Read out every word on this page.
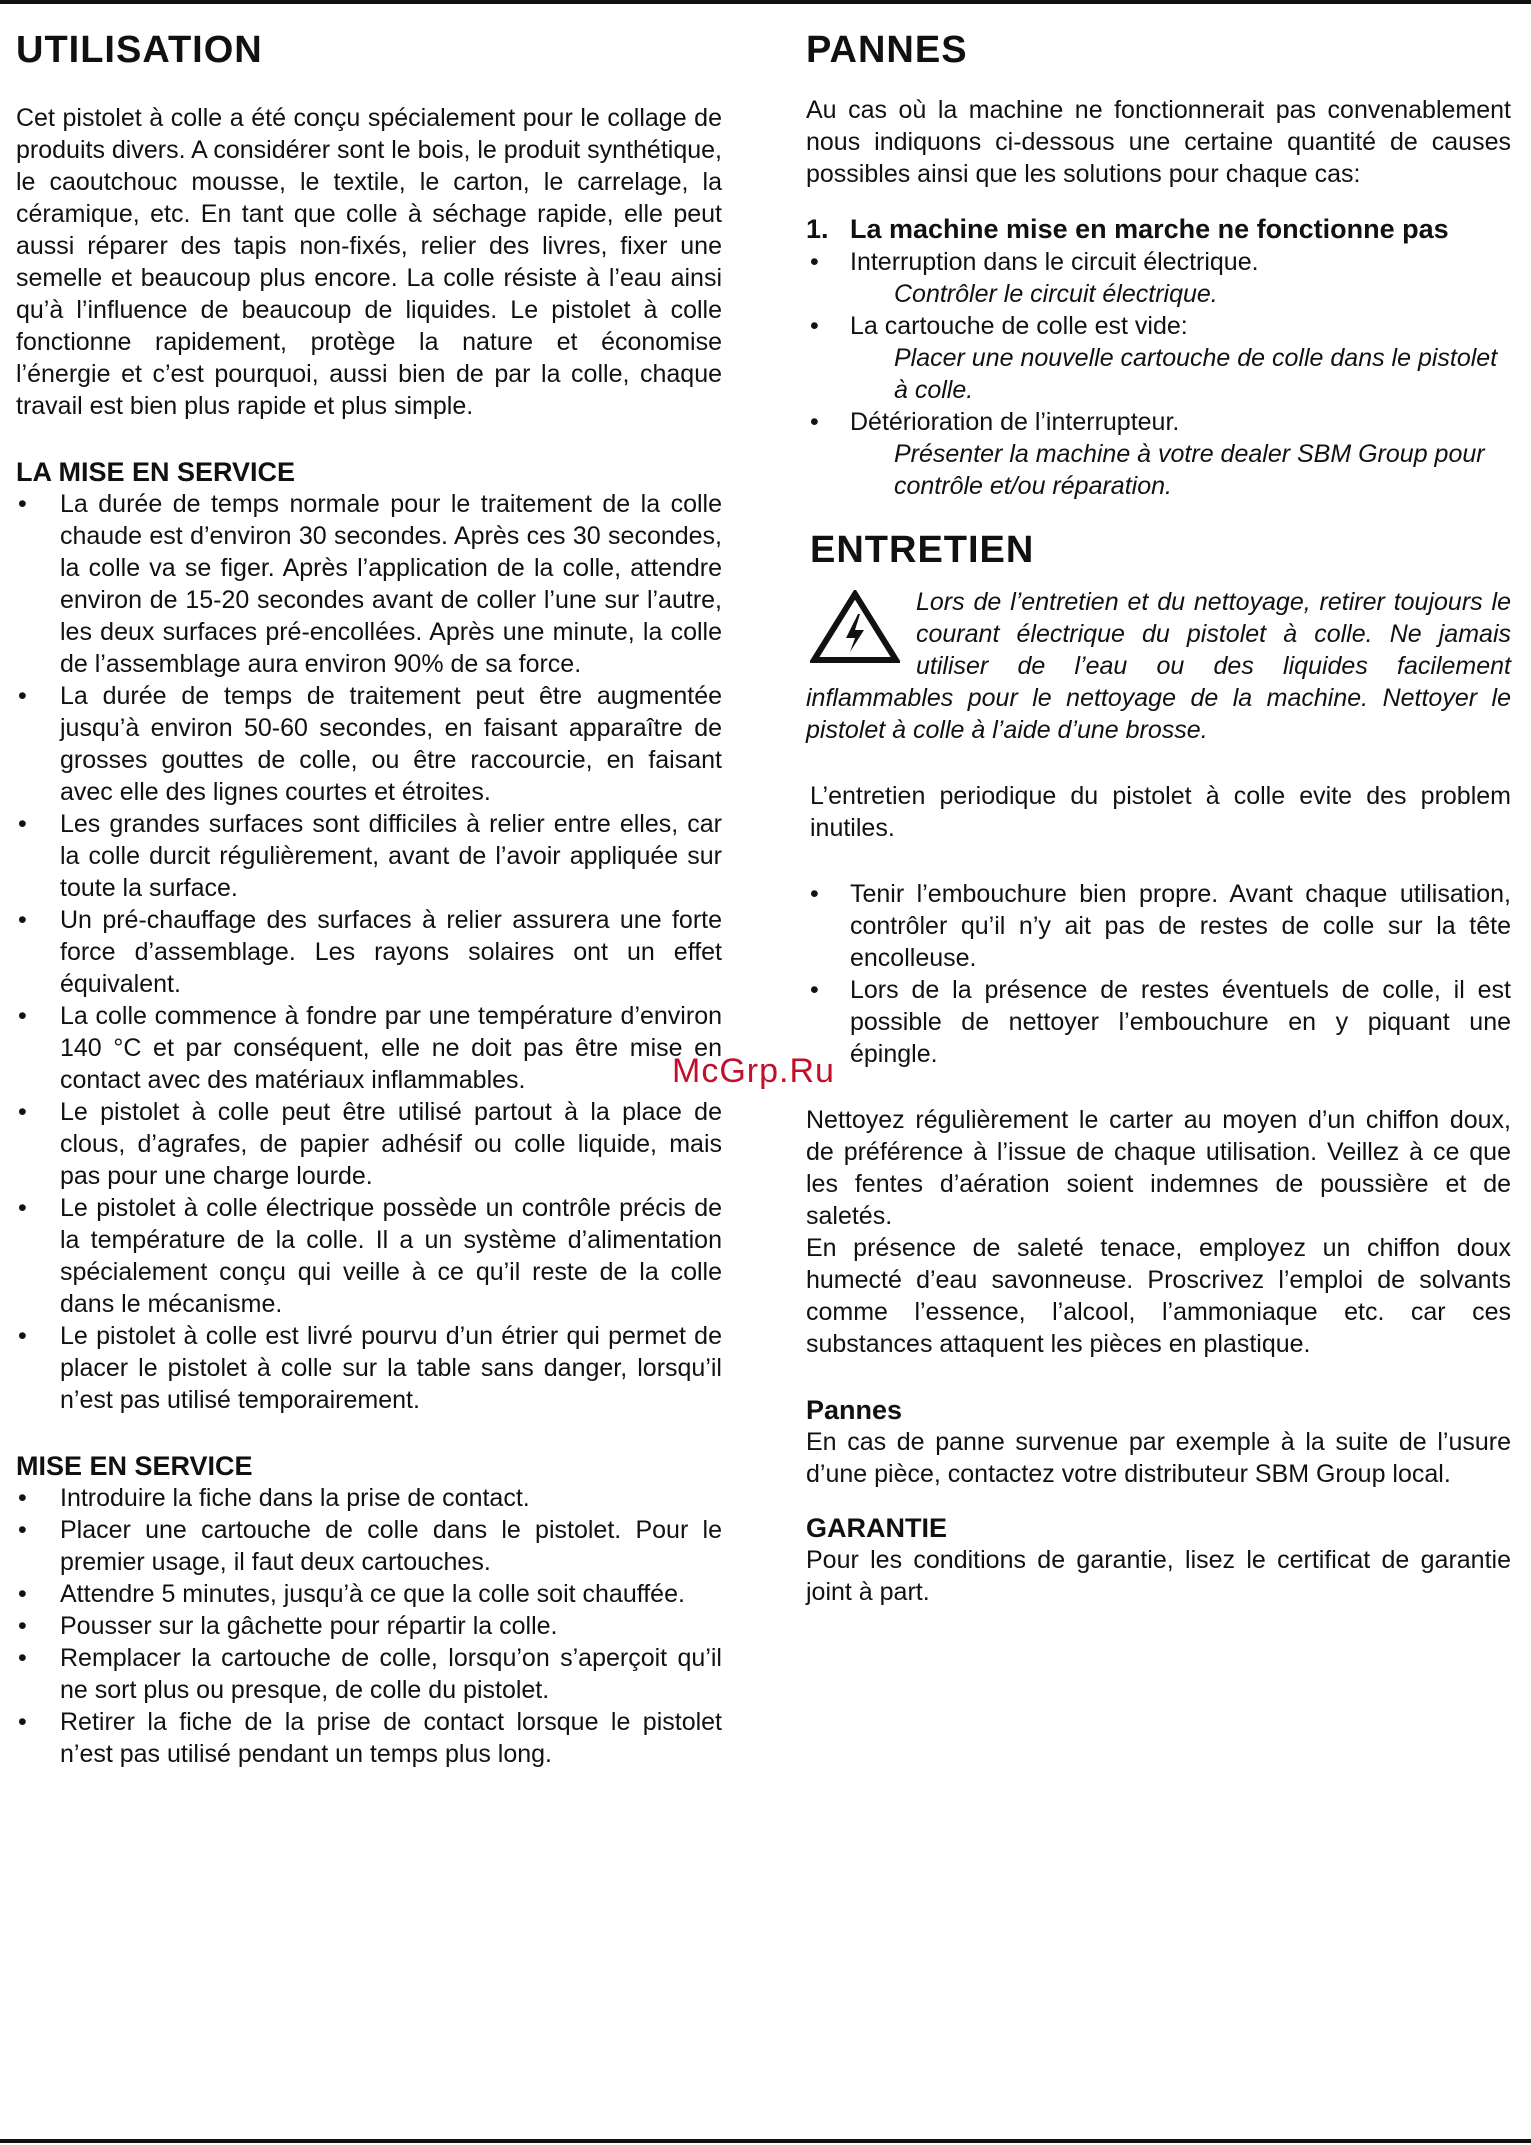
UTILISATION

Cet pistolet à colle a été conçu spécialement pour le collage de produits divers. A considérer sont le bois, le produit synthétique, le caoutchouc mousse, le textile, le carton, le carrelage, la céramique, etc. En tant que colle à séchage rapide, elle peut aussi réparer des tapis non-fixés, relier des livres, fixer une semelle et beaucoup plus encore. La colle résiste à l’eau ainsi qu’à l’influence de beaucoup de liquides. Le pistolet à colle fonctionne rapidement, protège la nature et économise l’énergie et c’est pourquoi, aussi bien de par la colle, chaque travail est bien plus rapide et plus simple.

LA MISE EN SERVICE
• La durée de temps normale pour le traitement de la colle chaude est d’environ 30 secondes. Après ces 30 secondes, la colle va se figer. Après l’application de la colle, attendre environ de 15-20 secondes avant de coller l’une sur l’autre, les deux surfaces pré-encollées. Après une minute, la colle de l’assemblage aura environ 90% de sa force.
• La durée de temps de traitement peut être augmentée jusqu’à environ 50-60 secondes, en faisant apparaître de grosses gouttes de colle, ou être raccourcie, en faisant avec elle des lignes courtes et étroites.
• Les grandes surfaces sont difficiles à relier entre elles, car la colle durcit régulièrement, avant de l’avoir appliquée sur toute la surface.
• Un pré-chauffage des surfaces à relier assurera une forte force d’assemblage. Les rayons solaires ont un effet équivalent.
• La colle commence à fondre par une température d’environ 140 °C et par conséquent, elle ne doit pas être mise en contact avec des matériaux inflammables.
• Le pistolet à colle peut être utilisé partout à la place de clous, d’agrafes, de papier adhésif ou colle liquide, mais pas pour une charge lourde.
• Le pistolet à colle électrique possède un contrôle précis de la température de la colle. Il a un système d’alimentation spécialement conçu qui veille à ce qu’il reste de la colle dans le mécanisme.
• Le pistolet à colle est livré pourvu d’un étrier qui permet de placer le pistolet à colle sur la table sans danger, lorsqu’il n’est pas utilisé temporairement.
MISE EN SERVICE
• Introduire la fiche dans la prise de contact.
• Placer une cartouche de colle dans le pistolet. Pour le premier usage, il faut deux cartouches.
• Attendre 5 minutes, jusqu’à ce que la colle soit chauffée.
• Pousser sur la gâchette pour répartir la colle.
• Remplacer la cartouche de colle, lorsqu’on s’aperçoit qu’il ne sort plus ou presque, de colle du pistolet.
• Retirer la fiche de la prise de contact lorsque le pistolet n’est pas utilisé pendant un temps plus long.
PANNES

Au cas où la machine ne fonctionnerait pas convenablement nous indiquons ci-dessous une certaine quantité de causes possibles ainsi que les solutions pour chaque cas:

1. La machine mise en marche ne fonctionne pas
• Interruption dans le circuit électrique.
Contrôler le circuit électrique.
• La cartouche de colle est vide:
Placer une nouvelle cartouche de colle dans le pistolet à colle.
• Détérioration de l’interrupteur.
Présenter la machine à votre dealer SBM Group pour contrôle et/ou réparation.
ENTRETIEN

Lors de l’entretien et du nettoyage, retirer toujours le courant électrique du pistolet à colle. Ne jamais utiliser de l’eau ou des liquides facilement inflammables pour le nettoyage de la machine. Nettoyer le pistolet à colle à l’aide d’une brosse.

L’entretien periodique du pistolet à colle evite des problem inutiles.

• Tenir l’embouchure bien propre. Avant chaque utilisation, contrôler qu’il n’y ait pas de restes de colle sur la tête encolleuse.
• Lors de la présence de restes éventuels de colle, il est possible de nettoyer l’embouchure en y piquant une épingle.

Nettoyez régulièrement le carter au moyen d’un chiffon doux, de préférence à l’issue de chaque utilisation. Veillez à ce que les fentes d’aération soient indemnes de poussière et de saletés.

En présence de saleté tenace, employez un chiffon doux humecté d’eau savonneuse. Proscrivez l’emploi de solvants comme l’essence, l’alcool, l’ammoniaque etc. car ces substances attaquent les pièces en plastique.

Pannes

En cas de panne survenue par exemple à la suite de l’usure d’une pièce, contactez votre distributeur SBM Group local.

GARANTIE

Pour les conditions de garantie, lisez le certificat de garantie joint à part.

McGrp.Ru
